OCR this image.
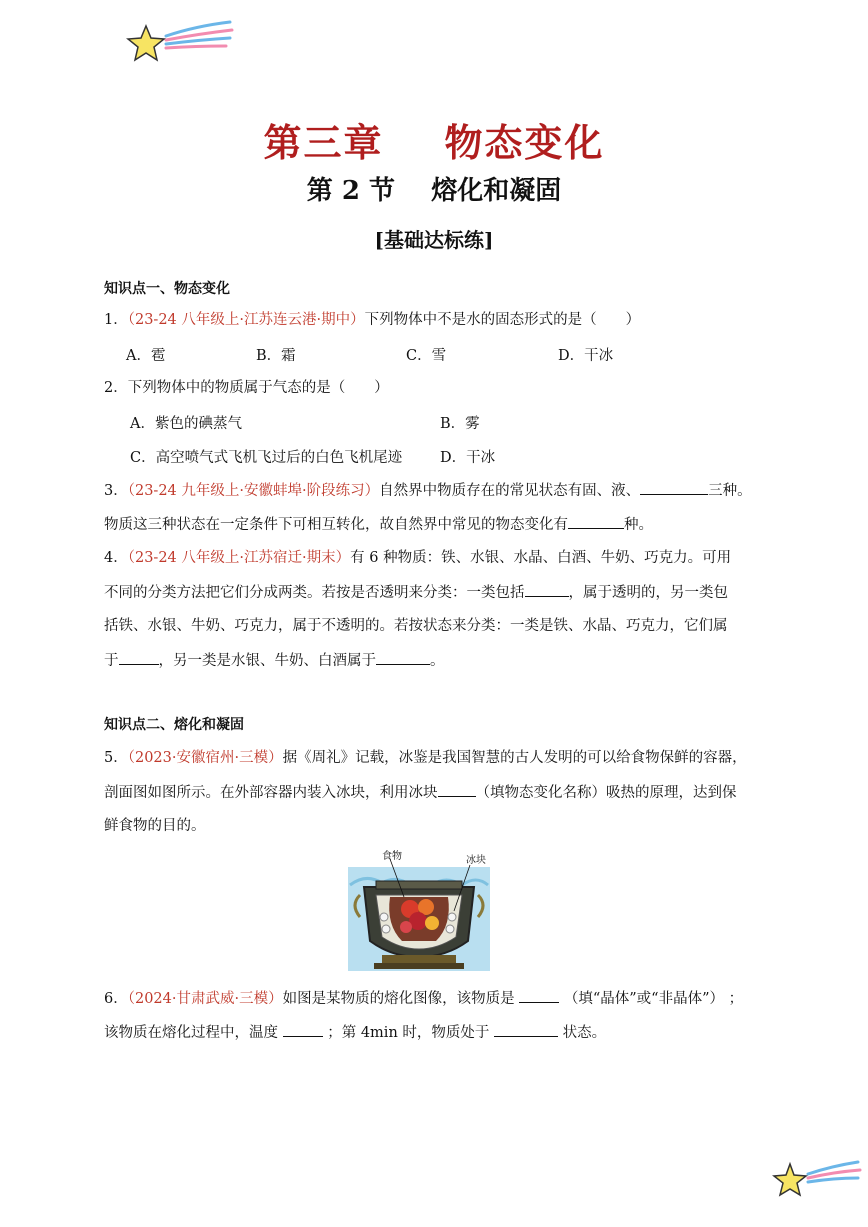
第三章    物态变化
第 2 节    熔化和凝固
[基础达标练]
知识点一、物态变化
1．（23-24 八年级上·江苏连云港·期中）下列物体中不是水的固态形式的是（　　）
A．雹	B．霜	C．雪	D．干冰
2．下列物体中的物质属于气态的是（　　）
A．紫色的碘蒸气	B．雾
C．高空喷气式飞机飞过后的白色飞机尾迹	D．干冰
3．（23-24 九年级上·安徽蚌埠·阶段练习）自然界中物质存在的常见状态有固、液、	三种。
物质这三种状态在一定条件下可相互转化，故自然界中常见的物态变化有	种。
4．（23-24 八年级上·江苏宿迁·期末）有 6 种物质：铁、水银、水晶、白酒、牛奶、巧克力。可用
不同的分类方法把它们分成两类。若按是否透明来分类：一类包括	，属于透明的，另一类包
括铁、水银、牛奶、巧克力，属于不透明的。若按状态来分类：一类是铁、水晶、巧克力，它们属
于	，另一类是水银、牛奶、白酒属于	。
知识点二、熔化和凝固
5．（2023·安徽宿州·三模）据《周礼》记载，冰鉴是我国智慧的古人发明的可以给食物保鲜的容器，
剖面图如图所示。在外部容器内装入冰块，利用冰块	（填物态变化名称）吸热的原理，达到保
鲜食物的目的。
食物	冰块
6．（2024·甘肃武威·三模）如图是某物质的熔化图像，该物质是	（填“晶体”或“非晶体”） ；
该物质在熔化过程中，温度	；第 4min 时，物质处于	状态。
